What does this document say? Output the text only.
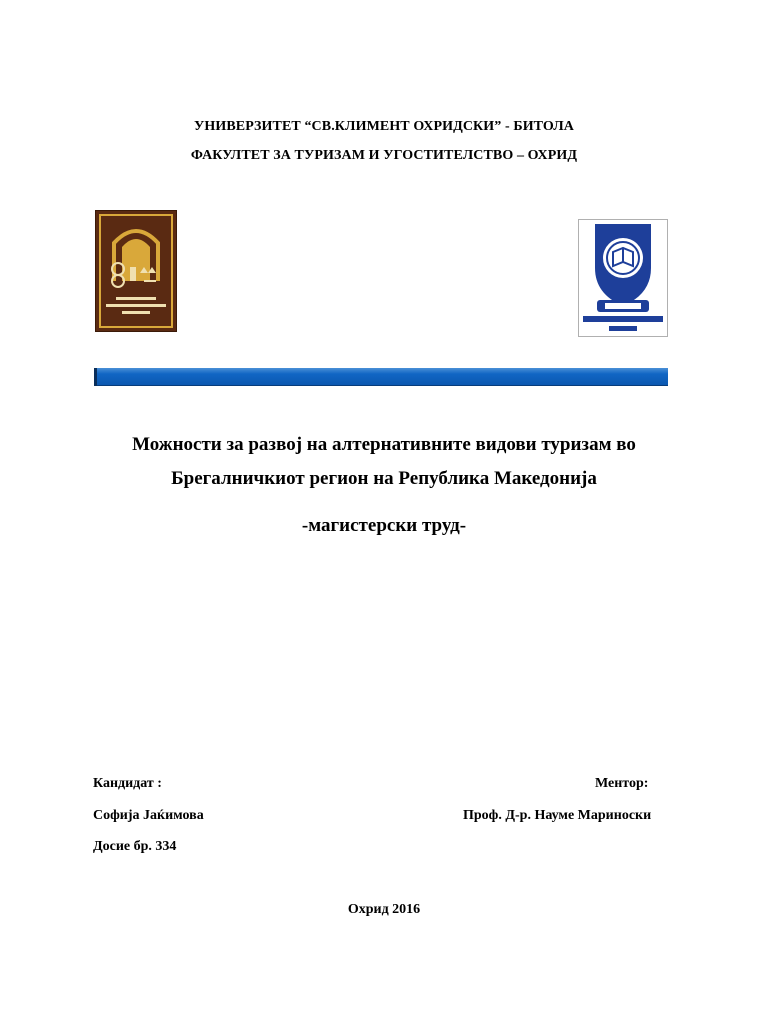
УНИВЕРЗИТЕТ “СВ.КЛИМЕНТ ОХРИДСКИ” - БИТОЛА
ФАКУЛТЕТ ЗА ТУРИЗАМ И УГОСТИТЕЛСТВО – ОХРИД
Можности за развој на алтернативните видови туризам во
Брегалничкиот регион на Република Македонија
-магистерски труд-
Кандидат :
Софија Јаќимова
Досие бр. 334
Ментор:
Проф. Д-р. Науме Мариноски
Охрид 2016
